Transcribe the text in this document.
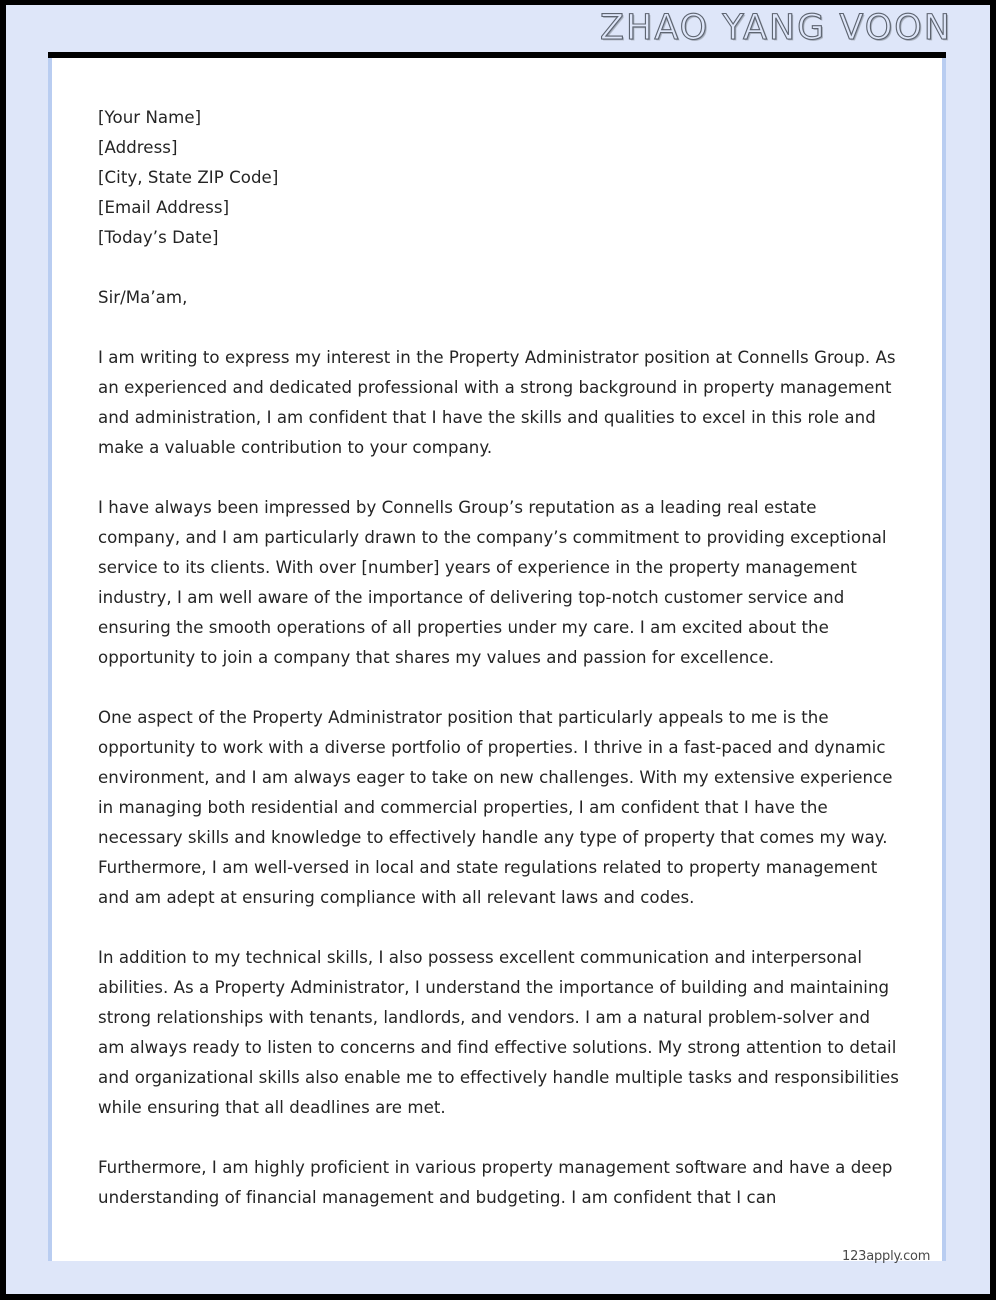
ZHAO YANG VOON
[Your Name]
[Address]
[City, State ZIP Code]
[Email Address]
[Today’s Date]
Sir/Ma’am,

I am writing to express my interest in the Property Administrator position at Connells Group. As an experienced and dedicated professional with a strong background in property management and administration, I am confident that I have the skills and qualities to excel in this role and make a valuable contribution to your company.

I have always been impressed by Connells Group’s reputation as a leading real estate company, and I am particularly drawn to the company’s commitment to providing exceptional service to its clients. With over [number] years of experience in the property management industry, I am well aware of the importance of delivering top-notch customer service and ensuring the smooth operations of all properties under my care. I am excited about the opportunity to join a company that shares my values and passion for excellence.

One aspect of the Property Administrator position that particularly appeals to me is the opportunity to work with a diverse portfolio of properties. I thrive in a fast-paced and dynamic environment, and I am always eager to take on new challenges. With my extensive experience in managing both residential and commercial properties, I am confident that I have the necessary skills and knowledge to effectively handle any type of property that comes my way. Furthermore, I am well-versed in local and state regulations related to property management and am adept at ensuring compliance with all relevant laws and codes.

In addition to my technical skills, I also possess excellent communication and interpersonal abilities. As a Property Administrator, I understand the importance of building and maintaining strong relationships with tenants, landlords, and vendors. I am a natural problem-solver and am always ready to listen to concerns and find effective solutions. My strong attention to detail and organizational skills also enable me to effectively handle multiple tasks and responsibilities while ensuring that all deadlines are met.

Furthermore, I am highly proficient in various property management software and have a deep understanding of financial management and budgeting. I am confident that I can

123apply.com
